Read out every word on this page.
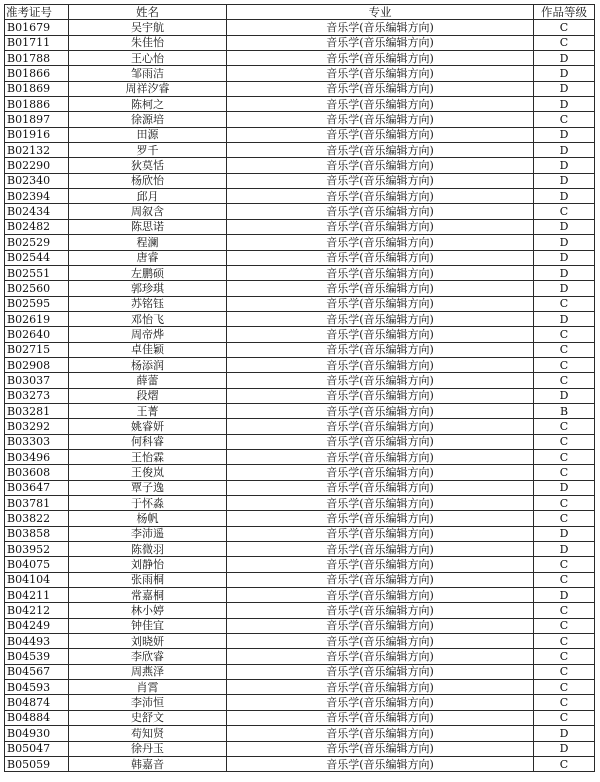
准考证号	姓名	专业	作品等级
B01679	吴宇航	音乐学(音乐编辑方向)	C
B01711	朱佳怡	音乐学(音乐编辑方向)	C
B01788	王心怡	音乐学(音乐编辑方向)	D
B01866	邹雨洁	音乐学(音乐编辑方向)	D
B01869	周祥汐睿	音乐学(音乐编辑方向)	D
B01886	陈柯之	音乐学(音乐编辑方向)	D
B01897	徐源培	音乐学(音乐编辑方向)	C
B01916	田源	音乐学(音乐编辑方向)	D
B02132	罗千	音乐学(音乐编辑方向)	D
B02290	狄莫恬	音乐学(音乐编辑方向)	D
B02340	杨欣怡	音乐学(音乐编辑方向)	D
B02394	邱月	音乐学(音乐编辑方向)	D
B02434	周叙含	音乐学(音乐编辑方向)	C
B02482	陈思诺	音乐学(音乐编辑方向)	D
B02529	程澜	音乐学(音乐编辑方向)	D
B02544	唐睿	音乐学(音乐编辑方向)	D
B02551	左鹏硕	音乐学(音乐编辑方向)	D
B02560	郭珍琪	音乐学(音乐编辑方向)	D
B02595	苏铭钰	音乐学(音乐编辑方向)	C
B02619	邓怡飞	音乐学(音乐编辑方向)	D
B02640	周帝烨	音乐学(音乐编辑方向)	C
B02715	卓佳颖	音乐学(音乐编辑方向)	C
B02908	杨添润	音乐学(音乐编辑方向)	C
B03037	薛蕾	音乐学(音乐编辑方向)	C
B03273	段熠	音乐学(音乐编辑方向)	D
B03281	王菁	音乐学(音乐编辑方向)	B
B03292	姚睿妍	音乐学(音乐编辑方向)	C
B03303	何科睿	音乐学(音乐编辑方向)	C
B03496	王怡霖	音乐学(音乐编辑方向)	C
B03608	王俊岚	音乐学(音乐编辑方向)	C
B03647	覃子逸	音乐学(音乐编辑方向)	D
B03781	于怀淼	音乐学(音乐编辑方向)	C
B03822	杨帆	音乐学(音乐编辑方向)	C
B03858	李沛遥	音乐学(音乐编辑方向)	D
B03952	陈微羽	音乐学(音乐编辑方向)	D
B04075	刘静怡	音乐学(音乐编辑方向)	C
B04104	张雨桐	音乐学(音乐编辑方向)	C
B04211	常嘉桐	音乐学(音乐编辑方向)	D
B04212	林小婷	音乐学(音乐编辑方向)	C
B04249	钟佳宜	音乐学(音乐编辑方向)	C
B04493	刘晓妍	音乐学(音乐编辑方向)	C
B04539	李欣睿	音乐学(音乐编辑方向)	C
B04567	周燕泽	音乐学(音乐编辑方向)	C
B04593	肖霄	音乐学(音乐编辑方向)	C
B04874	李沛恒	音乐学(音乐编辑方向)	C
B04884	史舒文	音乐学(音乐编辑方向)	C
B04930	苟知贤	音乐学(音乐编辑方向)	D
B05047	徐丹玉	音乐学(音乐编辑方向)	D
B05059	韩嘉音	音乐学(音乐编辑方向)	C
